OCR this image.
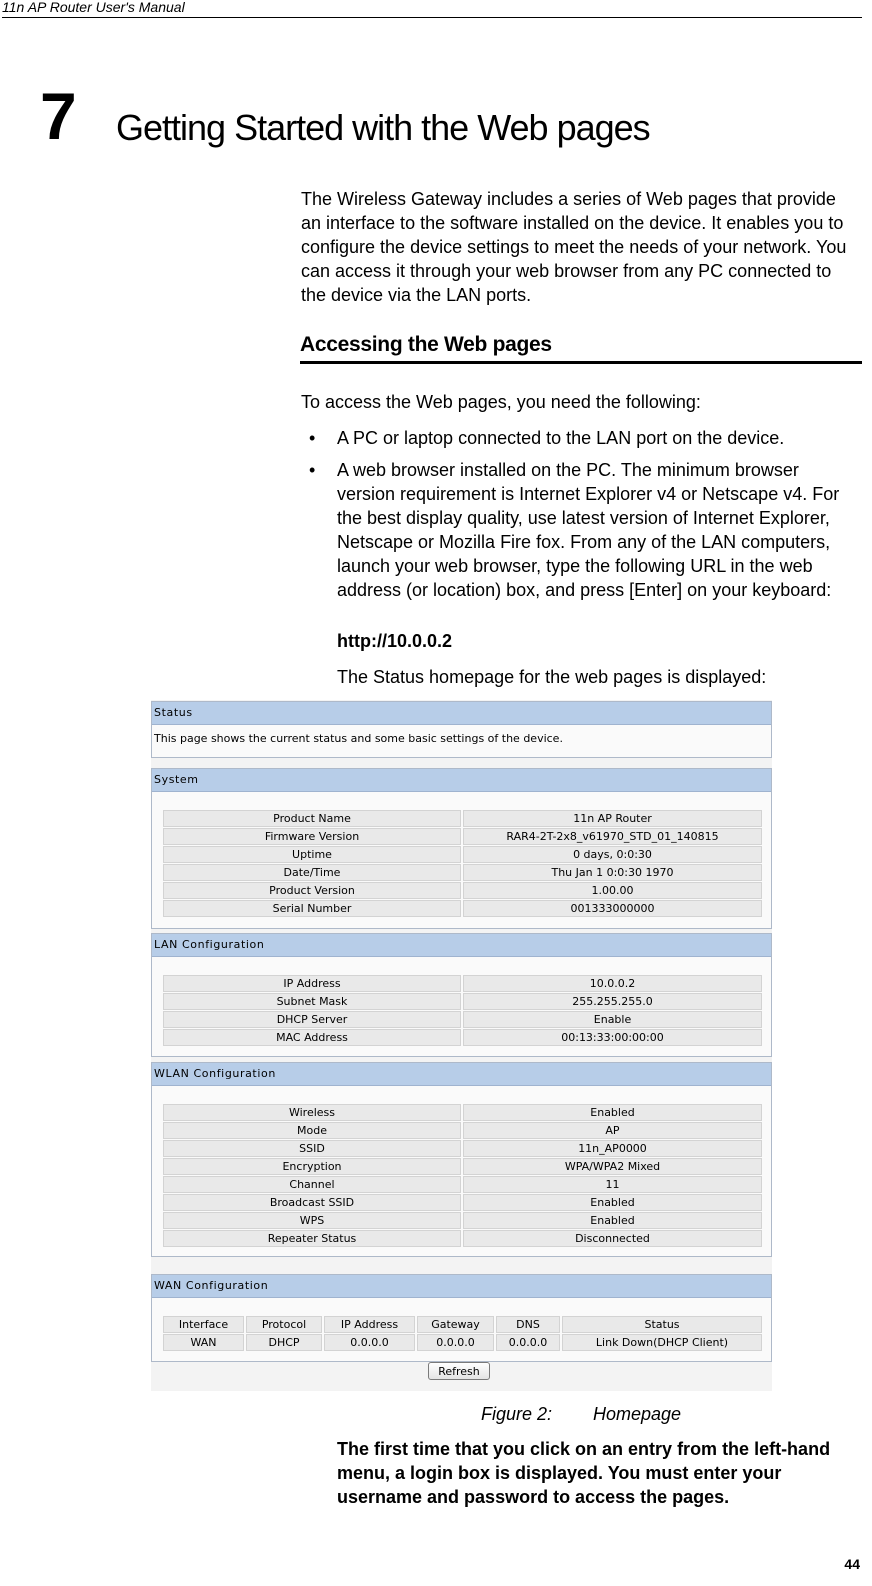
11n AP Router User's Manual
7 Getting Started with the Web pages

The Wireless Gateway includes a series of Web pages that provide an interface to the software installed on the device. It enables you to configure the device settings to meet the needs of your network. You can access it through your web browser from any PC connected to the device via the LAN ports.

Accessing the Web pages

To access the Web pages, you need the following:

• A PC or laptop connected to the LAN port on the device.
• A web browser installed on the PC. The minimum browser version requirement is Internet Explorer v4 or Netscape v4. For the best display quality, use latest version of Internet Explorer, Netscape or Mozilla Fire fox. From any of the LAN computers, launch your web browser, type the following URL in the web address (or location) box, and press [Enter] on your keyboard:
http://10.0.0.2
The Status homepage for the web pages is displayed:
Status
This page shows the current status and some basic settings of the device.
System
Product Name	11n AP Router
Firmware Version	RAR4-2T-2x8_v61970_STD_01_140815
Uptime	0 days, 0:0:30
Date/Time	Thu Jan 1 0:0:30 1970
Product Version	1.00.00
Serial Number	001333000000
LAN Configuration
IP Address	10.0.0.2
Subnet Mask	255.255.255.0
DHCP Server	Enable
MAC Address	00:13:33:00:00:00
WLAN Configuration
Wireless	Enabled
Mode	AP
SSID	11n_AP0000
Encryption	WPA/WPA2 Mixed
Channel	11
Broadcast SSID	Enabled
WPS	Enabled
Repeater Status	Disconnected
WAN Configuration
Interface	Protocol	IP Address	Gateway	DNS	Status
WAN	DHCP	0.0.0.0	0.0.0.0	0.0.0.0	Link Down(DHCP Client)
Refresh
Figure 2: Homepage

The first time that you click on an entry from the left-hand menu, a login box is displayed. You must enter your username and password to access the pages.

44
